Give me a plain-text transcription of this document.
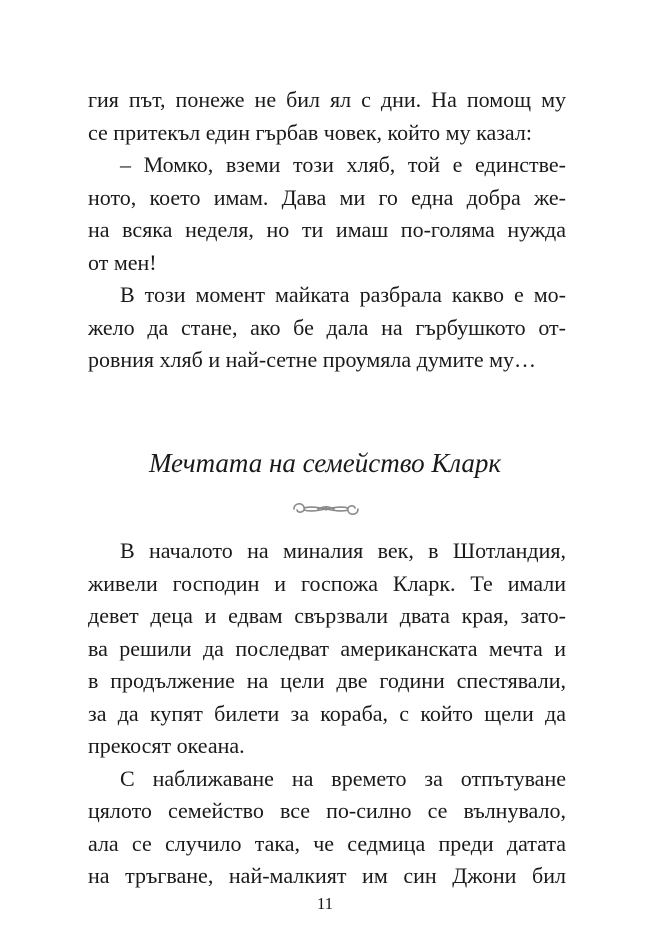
гия път, понеже не бил ял с дни. На помощ му
се притекъл един гърбав човек, който му казал:
– Момко, вземи този хляб, той е единстве-
ното, което имам. Дава ми го една добра же-
на всяка неделя, но ти имаш по-голяма нужда
от мен!
В този момент майката разбрала какво е мо-
жело да стане, ако бе дала на гърбушкото от-
ровния хляб и най-сетне проумяла думите му…
Мечтата на семейство Кларк
В началото на миналия век, в Шотландия,
живели господин и госпожа Кларк. Те имали
девет деца и едвам свързвали двата края, зато-
ва решили да последват американската мечта и
в продължение на цели две години спестявали,
за да купят билети за кораба, с който щели да
прекосят океана.
С наближаване на времето за отпътуване
цялото семейство все по-силно се вълнувало,
ала се случило така, че седмица преди датата
на тръгване, най-малкият им син Джони бил
11
